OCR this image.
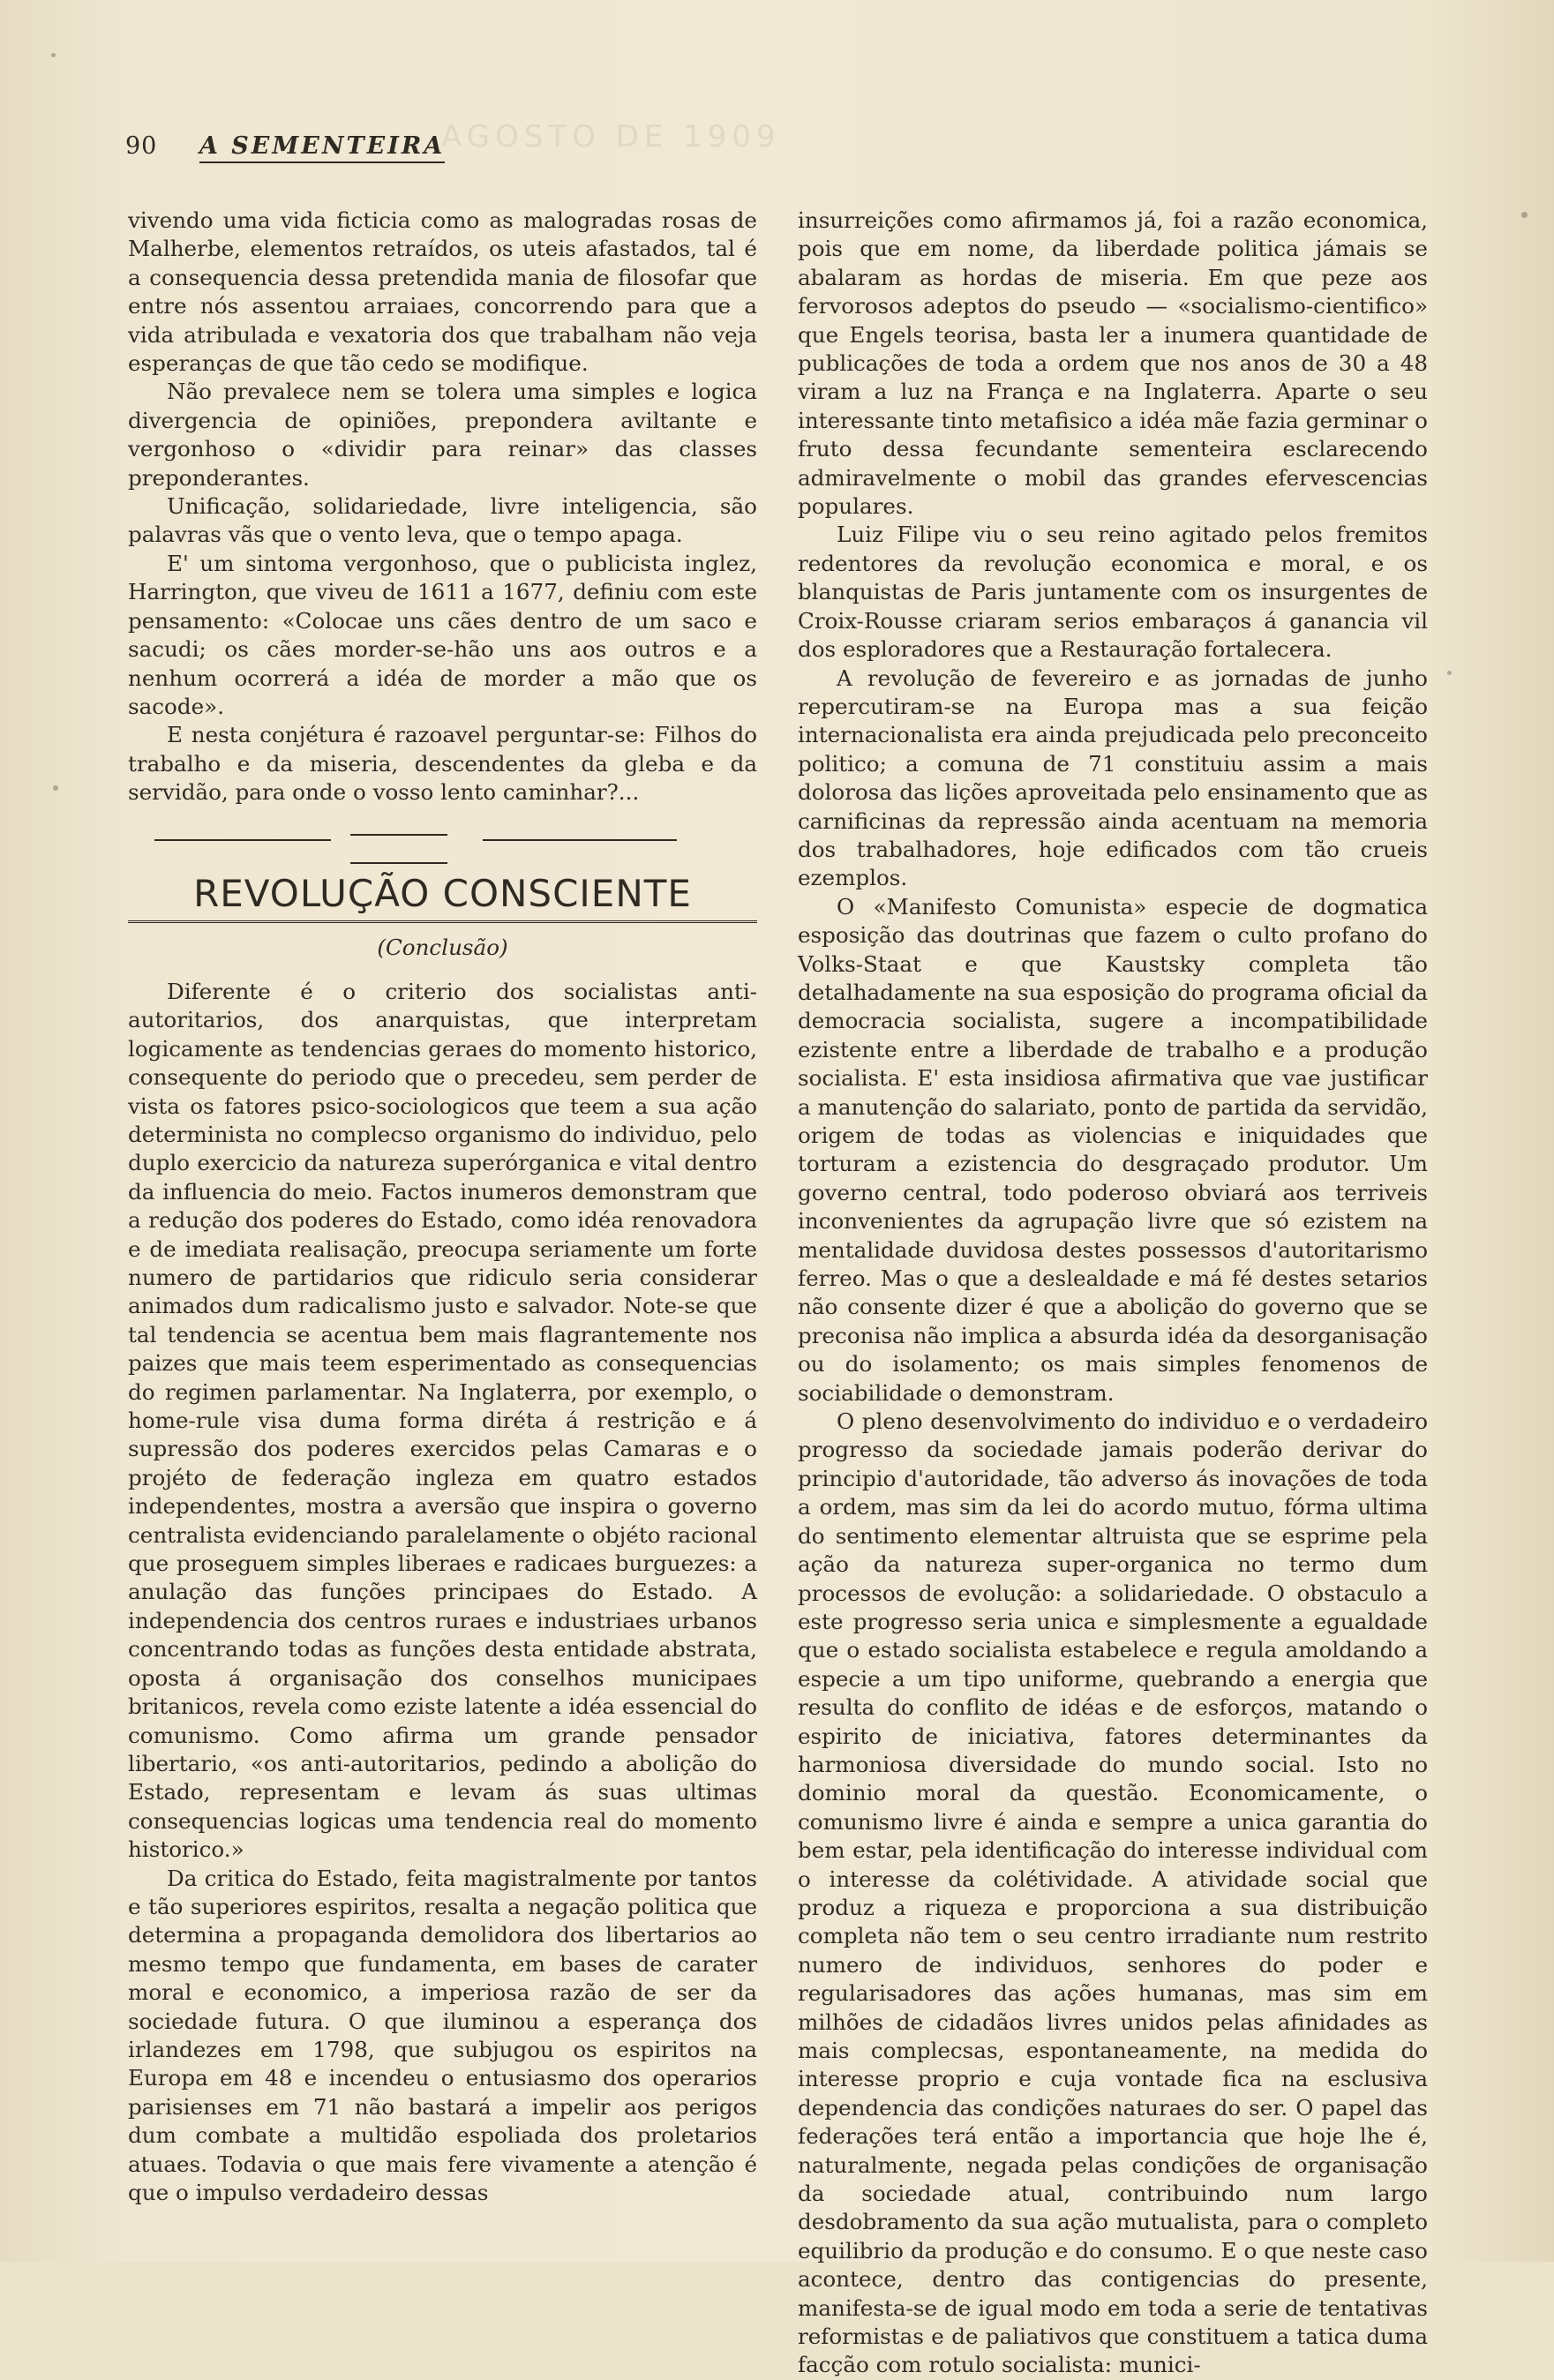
AGOSTO DE 1909
90 A SEMENTEIRA

vivendo uma vida ficticia como as malogradas rosas de Malherbe, elementos retraídos, os uteis afastados, tal é a consequencia dessa pretendida mania de filosofar que entre nós assentou arraiaes, concorrendo para que a vida atribulada e vexatoria dos que trabalham não veja esperanças de que tão cedo se modifique.

Não prevalece nem se tolera uma simples e logica divergencia de opiniões, prepondera aviltante e vergonhoso o «dividir para reinar» das classes preponderantes.

Unificação, solidariedade, livre inteligencia, são palavras vãs que o vento leva, que o tempo apaga.

E' um sintoma vergonhoso, que o publicista inglez, Harrington, que viveu de 1611 a 1677, definiu com este pensamento: «Colocae uns cães dentro de um saco e sacudi; os cães morder-se-hão uns aos outros e a nenhum ocorrerá a idéa de morder a mão que os sacode».

E nesta conjétura é razoavel perguntar-se: Filhos do trabalho e da miseria, descendentes da gleba e da servidão, para onde o vosso lento caminhar?...

REVOLUÇÃO CONSCIENTE
(Conclusão)

Diferente é o criterio dos socialistas anti-autoritarios, dos anarquistas, que interpretam logicamente as tendencias geraes do momento historico, consequente do periodo que o precedeu, sem perder de vista os fatores psico-sociologicos que teem a sua ação determinista no complecso organismo do individuo, pelo duplo exercicio da natureza superórganica e vital dentro da influencia do meio. Factos inumeros demonstram que a redução dos poderes do Estado, como idéa renovadora e de imediata realisação, preocupa seriamente um forte numero de partidarios que ridiculo seria considerar animados dum radicalismo justo e salvador. Note-se que tal tendencia se acentua bem mais flagrantemente nos paizes que mais teem esperimentado as consequencias do regimen parlamentar. Na Inglaterra, por exemplo, o home-rule visa duma forma diréta á restrição e á supressão dos poderes exercidos pelas Camaras e o projéto de federação ingleza em quatro estados independentes, mostra a aversão que inspira o governo centralista evidenciando paralelamente o objéto racional que proseguem simples liberaes e radicaes burguezes: a anulação das funções principaes do Estado. A independencia dos centros ruraes e industriaes urbanos concentrando todas as funções desta entidade abstrata, oposta á organisação dos conselhos municipaes britanicos, revela como eziste latente a idéa essencial do comunismo. Como afirma um grande pensador libertario, «os anti-autoritarios, pedindo a abolição do Estado, representam e levam ás suas ultimas consequencias logicas uma tendencia real do momento historico.»

Da critica do Estado, feita magistralmente por tantos e tão superiores espiritos, resalta a negação politica que determina a propaganda demolidora dos libertarios ao mesmo tempo que fundamenta, em bases de carater moral e economico, a imperiosa razão de ser da sociedade futura. O que iluminou a esperança dos irlandezes em 1798, que subjugou os espiritos na Europa em 48 e incendeu o entusiasmo dos operarios parisienses em 71 não bastará a impelir aos perigos dum combate a multidão espoliada dos proletarios atuaes. Todavia o que mais fere vivamente a atenção é que o impulso verdadeiro dessas

insurreições como afirmamos já, foi a razão economica, pois que em nome, da liberdade politica jámais se abalaram as hordas de miseria. Em que peze aos fervorosos adeptos do pseudo — «socialismo-cientifico» que Engels teorisa, basta ler a inumera quantidade de publicações de toda a ordem que nos anos de 30 a 48 viram a luz na França e na Inglaterra. Aparte o seu interessante tinto metafisico a idéa mãe fazia germinar o fruto dessa fecundante sementeira esclarecendo admiravelmente o mobil das grandes efervescencias populares.

Luiz Filipe viu o seu reino agitado pelos fremitos redentores da revolução economica e moral, e os blanquistas de Paris juntamente com os insurgentes de Croix-Rousse criaram serios embaraços á ganancia vil dos esploradores que a Restauração fortalecera.

A revolução de fevereiro e as jornadas de junho repercutiram-se na Europa mas a sua feição internacionalista era ainda prejudicada pelo preconceito politico; a comuna de 71 constituiu assim a mais dolorosa das lições aproveitada pelo ensinamento que as carnificinas da repressão ainda acentuam na memoria dos trabalhadores, hoje edificados com tão crueis ezemplos.

O «Manifesto Comunista» especie de dogmatica esposição das doutrinas que fazem o culto profano do Volks-Staat e que Kaustsky completa tão detalhadamente na sua esposição do programa oficial da democracia socialista, sugere a incompatibilidade ezistente entre a liberdade de trabalho e a produção socialista. E' esta insidiosa afirmativa que vae justificar a manutenção do salariato, ponto de partida da servidão, origem de todas as violencias e iniquidades que torturam a ezistencia do desgraçado produtor. Um governo central, todo poderoso obviará aos terriveis inconvenientes da agrupação livre que só ezistem na mentalidade duvidosa destes possessos d'autoritarismo ferreo. Mas o que a deslealdade e má fé destes setarios não consente dizer é que a abolição do governo que se preconisa não implica a absurda idéa da desorganisação ou do isolamento; os mais simples fenomenos de sociabilidade o demonstram.

O pleno desenvolvimento do individuo e o verdadeiro progresso da sociedade jamais poderão derivar do principio d'autoridade, tão adverso ás inovações de toda a ordem, mas sim da lei do acordo mutuo, fórma ultima do sentimento elementar altruista que se esprime pela ação da natureza super-organica no termo dum processos de evolução: a solidariedade. O obstaculo a este progresso seria unica e simplesmente a egualdade que o estado socialista estabelece e regula amoldando a especie a um tipo uniforme, quebrando a energia que resulta do conflito de idéas e de esforços, matando o espirito de iniciativa, fatores determinantes da harmoniosa diversidade do mundo social. Isto no dominio moral da questão. Economicamente, o comunismo livre é ainda e sempre a unica garantia do bem estar, pela identificação do interesse individual com o interesse da colétividade. A atividade social que produz a riqueza e proporciona a sua distribuição completa não tem o seu centro irradiante num restrito numero de individuos, senhores do poder e regularisadores das ações humanas, mas sim em milhões de cidadãos livres unidos pelas afinidades as mais complecsas, espontaneamente, na medida do interesse proprio e cuja vontade fica na esclusiva dependencia das condições naturaes do ser. O papel das federações terá então a importancia que hoje lhe é, naturalmente, negada pelas condições de organisação da sociedade atual, contribuindo num largo desdobramento da sua ação mutualista, para o completo equilibrio da produção e do consumo. E o que neste caso acontece, dentro das contigencias do presente, manifesta-se de igual modo em toda a serie de tentativas reformistas e de paliativos que constituem a tatica duma facção com rotulo socialista: munici-
